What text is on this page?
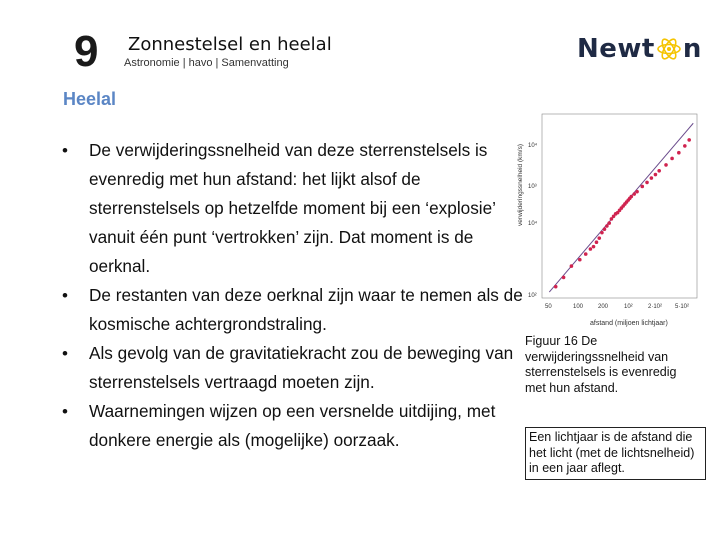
9 Zonnestelsel en heelal
Astronomie | havo | Samenvatting	Newt n
Heelal
• De verwijderingssnelheid van deze sterrenstelsels is evenredig met hun afstand: het lijkt alsof de sterrenstelsels op hetzelfde moment bij een ‘explosie’ vanuit één punt ‘vertrokken’ zijn. Dat moment is de oerknal.
• De restanten van deze oerknal zijn waar te nemen als de kosmische achtergrondstraling.
• Als gevolg van de gravitatiekracht zou de beweging van sterrenstelsels vertraagd moeten zijn.
• Waarnemingen wijzen op een versnelde uitdijing, met donkere energie als (mogelijke) oorzaak.
verwijderingssnelheid (km/s)
afstand (miljoen lichtjaar)
10⁴
10³
10⁴
10²
50	100 200	10²	2·10² 5·10²
Figuur 16 De verwijderingssnelheid van sterrenstelsels is evenredig met hun afstand.
Een lichtjaar is de afstand die het licht (met de lichtsnelheid) in een jaar aflegt.
